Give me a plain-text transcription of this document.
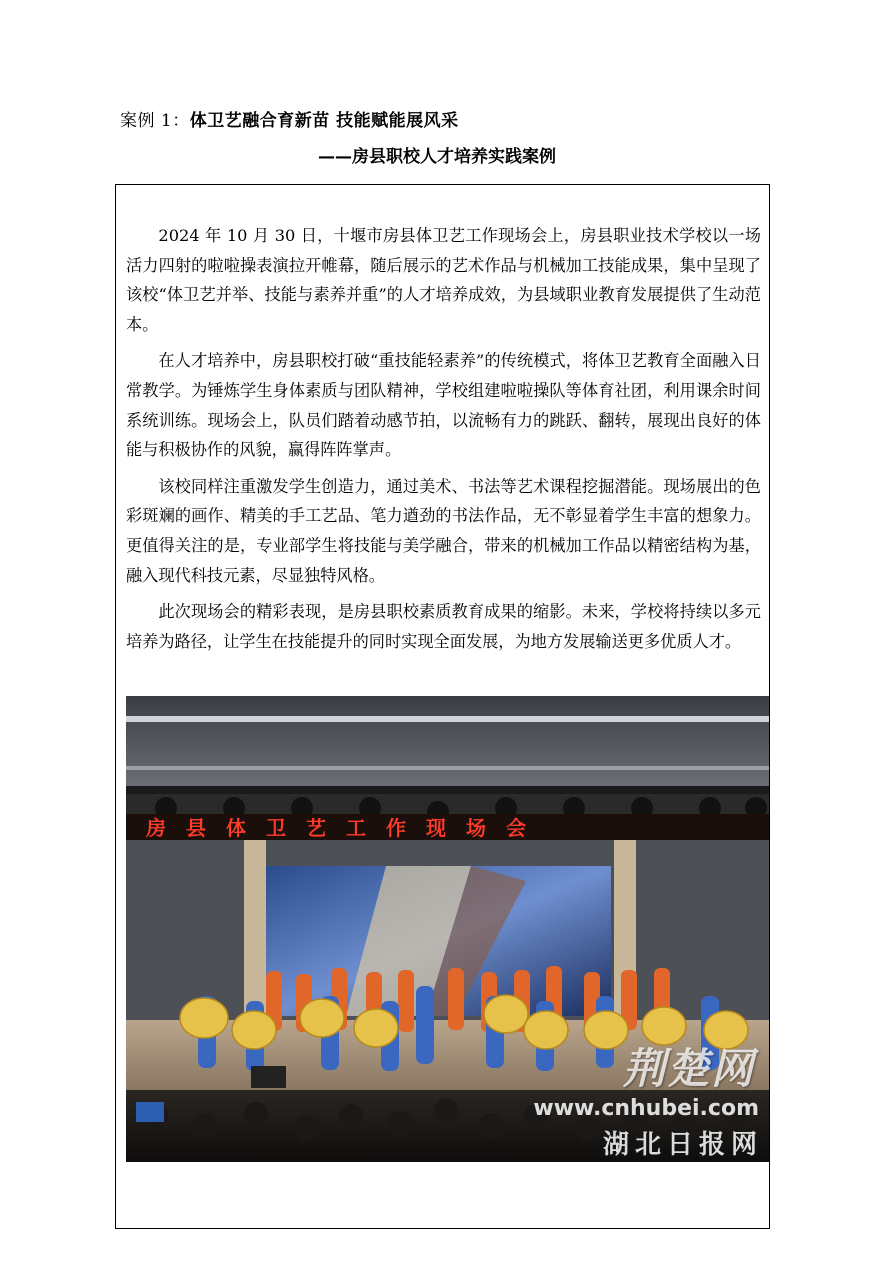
案例 1：体卫艺融合育新苗 技能赋能展风采
——房县职校人才培养实践案例

2024 年 10 月 30 日，十堰市房县体卫艺工作现场会上，房县职业技术学校以一场活力四射的啦啦操表演拉开帷幕，随后展示的艺术作品与机械加工技能成果，集中呈现了该校“体卫艺并举、技能与素养并重”的人才培养成效，为县域职业教育发展提供了生动范本。

在人才培养中，房县职校打破“重技能轻素养”的传统模式，将体卫艺教育全面融入日常教学。为锤炼学生身体素质与团队精神，学校组建啦啦操队等体育社团，利用课余时间系统训练。现场会上，队员们踏着动感节拍，以流畅有力的跳跃、翻转，展现出良好的体能与积极协作的风貌，赢得阵阵掌声。

该校同样注重激发学生创造力，通过美术、书法等艺术课程挖掘潜能。现场展出的色彩斑斓的画作、精美的手工艺品、笔力遒劲的书法作品，无不彰显着学生丰富的想象力。更值得关注的是，专业部学生将技能与美学融合，带来的机械加工作品以精密结构为基，融入现代科技元素，尽显独特风格。

此次现场会的精彩表现，是房县职校素质教育成果的缩影。未来，学校将持续以多元培养为路径，让学生在技能提升的同时实现全面发展，为地方发展输送更多优质人才。

房县体卫艺工作现场会
荆楚网
www.cnhubei.com
湖北日报网
